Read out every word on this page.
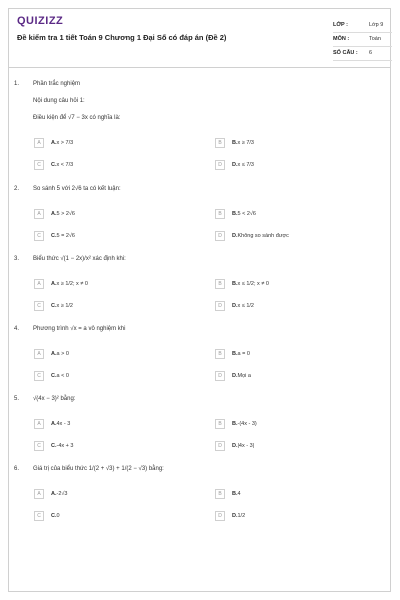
QUIZIZZ
Đề kiểm tra 1 tiết Toán 9 Chương 1 Đại Số có đáp án (Đề 2)
LỚP :	Lớp 9
MÔN :	Toán
SỐ CÂU : 6
1. Phần trắc nghiệm
Nội dung câu hỏi 1:
Điều kiện để √7 − 3x có nghĩa là:
A	A.x > 7/3	B	B.x ≥ 7/3
C	C.x < 7/3	D	D.x ≤ 7/3
2. So sánh 5 với 2√6 ta có kết luận:
A	A.5 > 2√6	B	B.5 < 2√6
C	C.5 = 2√6	D	D.Không so sánh được
3. Biểu thức √(1 − 2x)/x² xác định khi:
A	A.x ≥ 1/2; x ≠ 0	B	B.x ≤ 1/2; x ≠ 0
C	C.x ≥ 1/2	D	D.x ≤ 1/2
4. Phương trình √x = a vô nghiệm khi
A	A.a > 0	B	B.a = 0
C	C.a < 0	D	D.Mọi a
5. √(4x − 3)² bằng:
A	A.4x - 3	B	B.-(4x - 3)
C	C.-4x + 3	D	D.|4x - 3|
6. Giá trị của biểu thức 1/(2 + √3) + 1/(2 − √3) bằng:
A	A.-2√3	B	B.4
C	C.0	D	D.1/2
